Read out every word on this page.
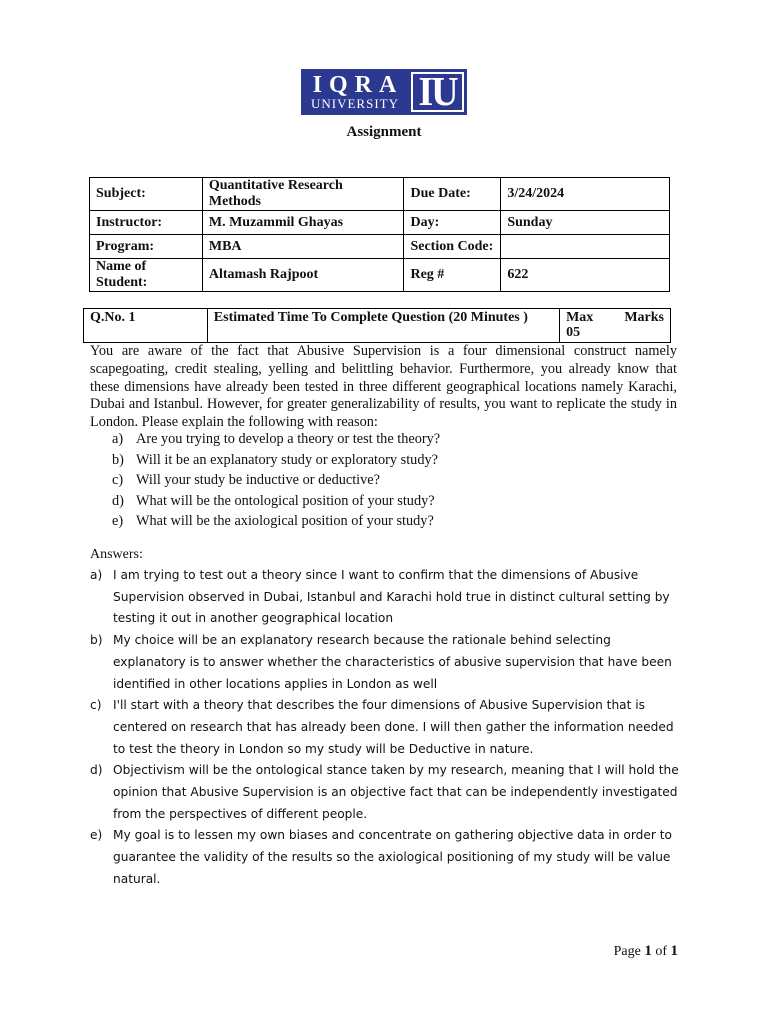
IQRA
UNIVERSITY IU
Assignment
Subject:	Quantitative Research Methods	Due Date:	3/24/2024
Instructor:	M. Muzammil Ghayas	Day:	Sunday
Program:	MBA	Section Code:	
Name of Student:	Altamash Rajpoot	Reg #	622
Q.No. 1	Estimated Time To Complete Question (20 Minutes )	Max Marks
05

You are aware of the fact that Abusive Supervision is a four dimensional construct namely scapegoating, credit stealing, yelling and belittling behavior. Furthermore, you already know that these dimensions have already been tested in three different geographical locations namely Karachi, Dubai and Istanbul. However, for greater generalizability of results, you want to replicate the study in London. Please explain the following with reason:

a) Are you trying to develop a theory or test the theory?
b) Will it be an explanatory study or exploratory study?
c) Will your study be inductive or deductive?
d) What will be the ontological position of your study?
e) What will be the axiological position of your study?
Answers:
a) I am trying to test out a theory since I want to confirm that the dimensions of Abusive Supervision observed in Dubai, Istanbul and Karachi hold true in distinct cultural setting by testing it out in another geographical location
b) My choice will be an explanatory research because the rationale behind selecting explanatory is to answer whether the characteristics of abusive supervision that have been identified in other locations applies in London as well
c) I'll start with a theory that describes the four dimensions of Abusive Supervision that is centered on research that has already been done. I will then gather the information needed to test the theory in London so my study will be Deductive in nature.
d) Objectivism will be the ontological stance taken by my research, meaning that I will hold the opinion that Abusive Supervision is an objective fact that can be independently investigated from the perspectives of different people.
e) My goal is to lessen my own biases and concentrate on gathering objective data in order to guarantee the validity of the results so the axiological positioning of my study will be value natural.
Page 1 of 1
